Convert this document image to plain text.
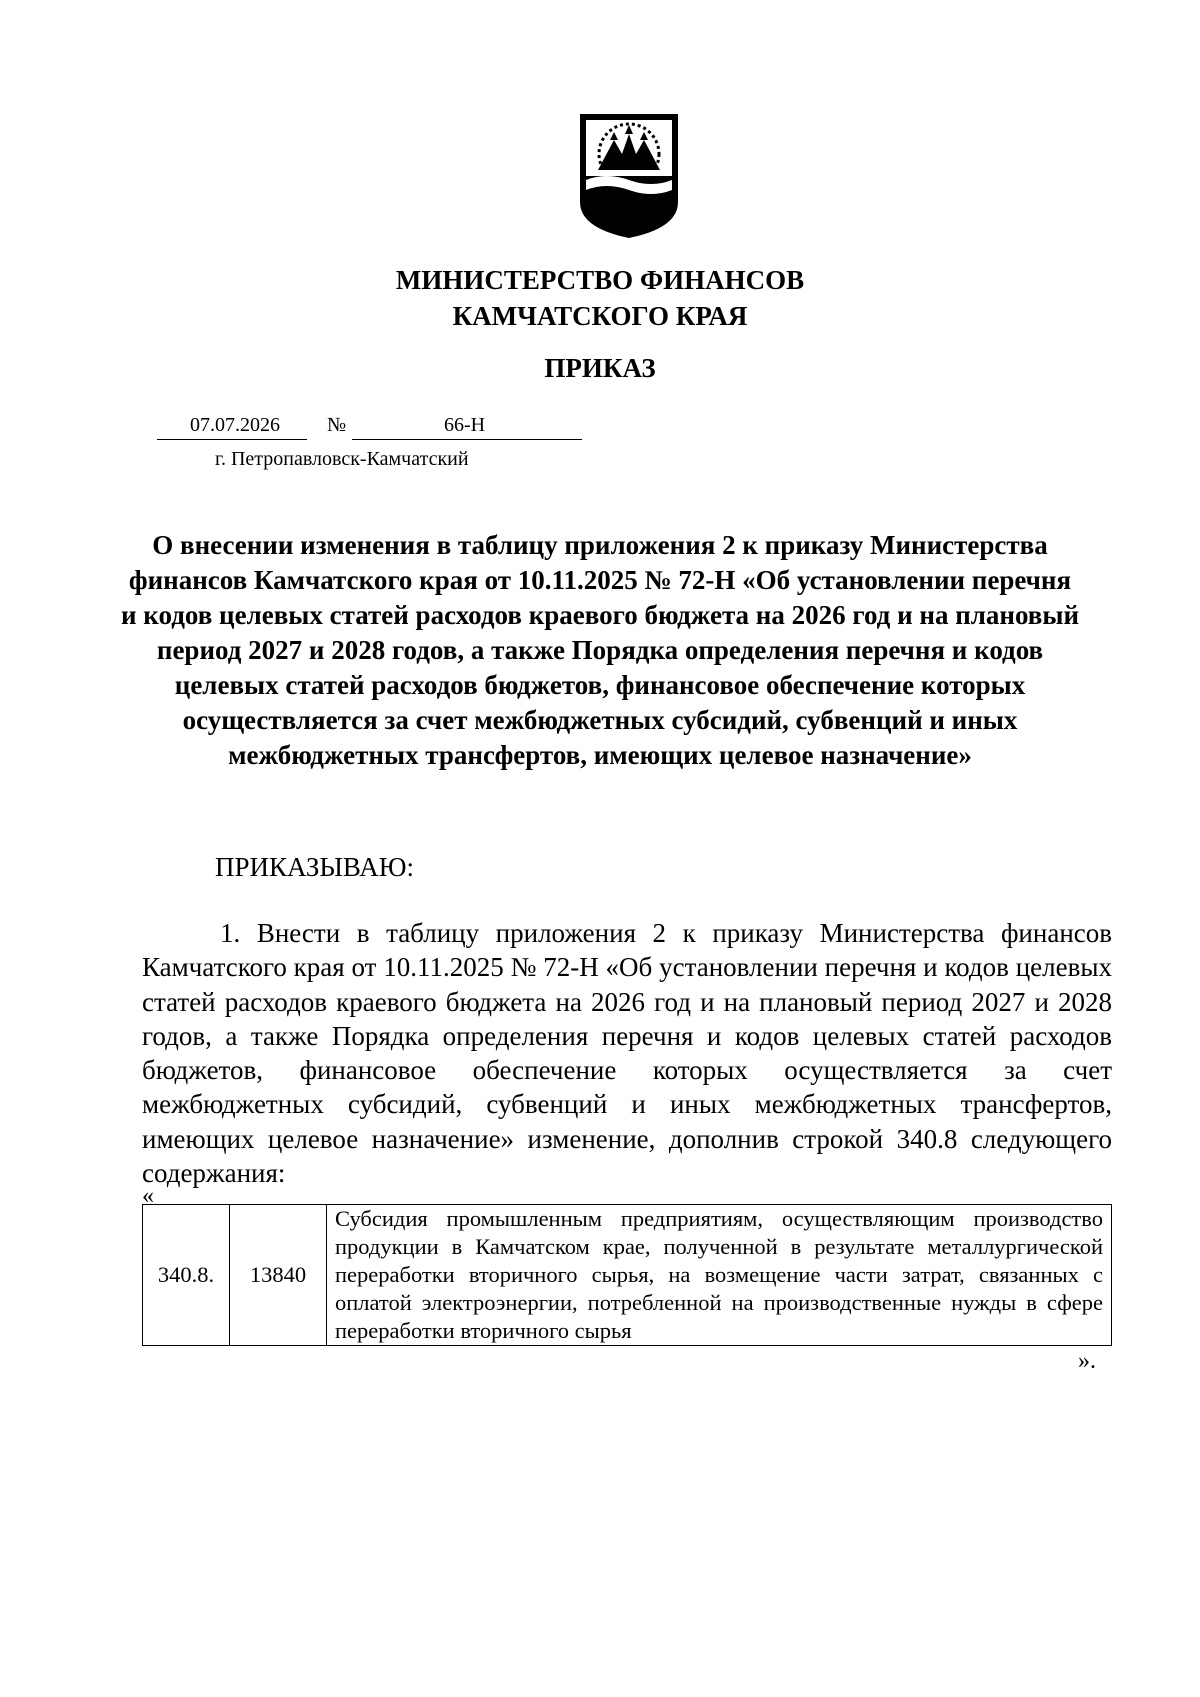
МИНИСТЕРСТВО ФИНАНСОВ
КАМЧАТСКОГО КРАЯ
ПРИКАЗ
07.07.2026 №	66-Н
г. Петропавловск-Камчатский
О внесении изменения в таблицу приложения 2 к приказу Министерства финансов Камчатского края от 10.11.2025 № 72-Н «Об установлении перечня и кодов целевых статей расходов краевого бюджета на 2026 год и на плановый период 2027 и 2028 годов, а также Порядка определения перечня и кодов целевых статей расходов бюджетов, финансовое обеспечение которых осуществляется за счет межбюджетных субсидий, субвенций и иных межбюджетных трансфертов, имеющих целевое назначение»
ПРИКАЗЫВАЮ:
1. Внести в таблицу приложения 2 к приказу Министерства финансов Камчатского края от 10.11.2025 № 72-Н «Об установлении перечня и кодов целевых статей расходов краевого бюджета на 2026 год и на плановый период 2027 и 2028 годов, а также Порядка определения перечня и кодов целевых статей расходов бюджетов, финансовое обеспечение которых осуществляется за счет межбюджетных субсидий, субвенций и иных межбюджетных трансфертов, имеющих целевое назначение» изменение, дополнив строкой 340.8 следующего содержания:
«
340.8.	13840	Субсидия промышленным предприятиям, осуществляющим производство продукции в Камчатском крае, полученной в результате металлургической переработки вторичного сырья, на возмещение части затрат, связанных с оплатой электроэнергии, потребленной на производственные нужды в сфере переработки вторичного сырья
».
